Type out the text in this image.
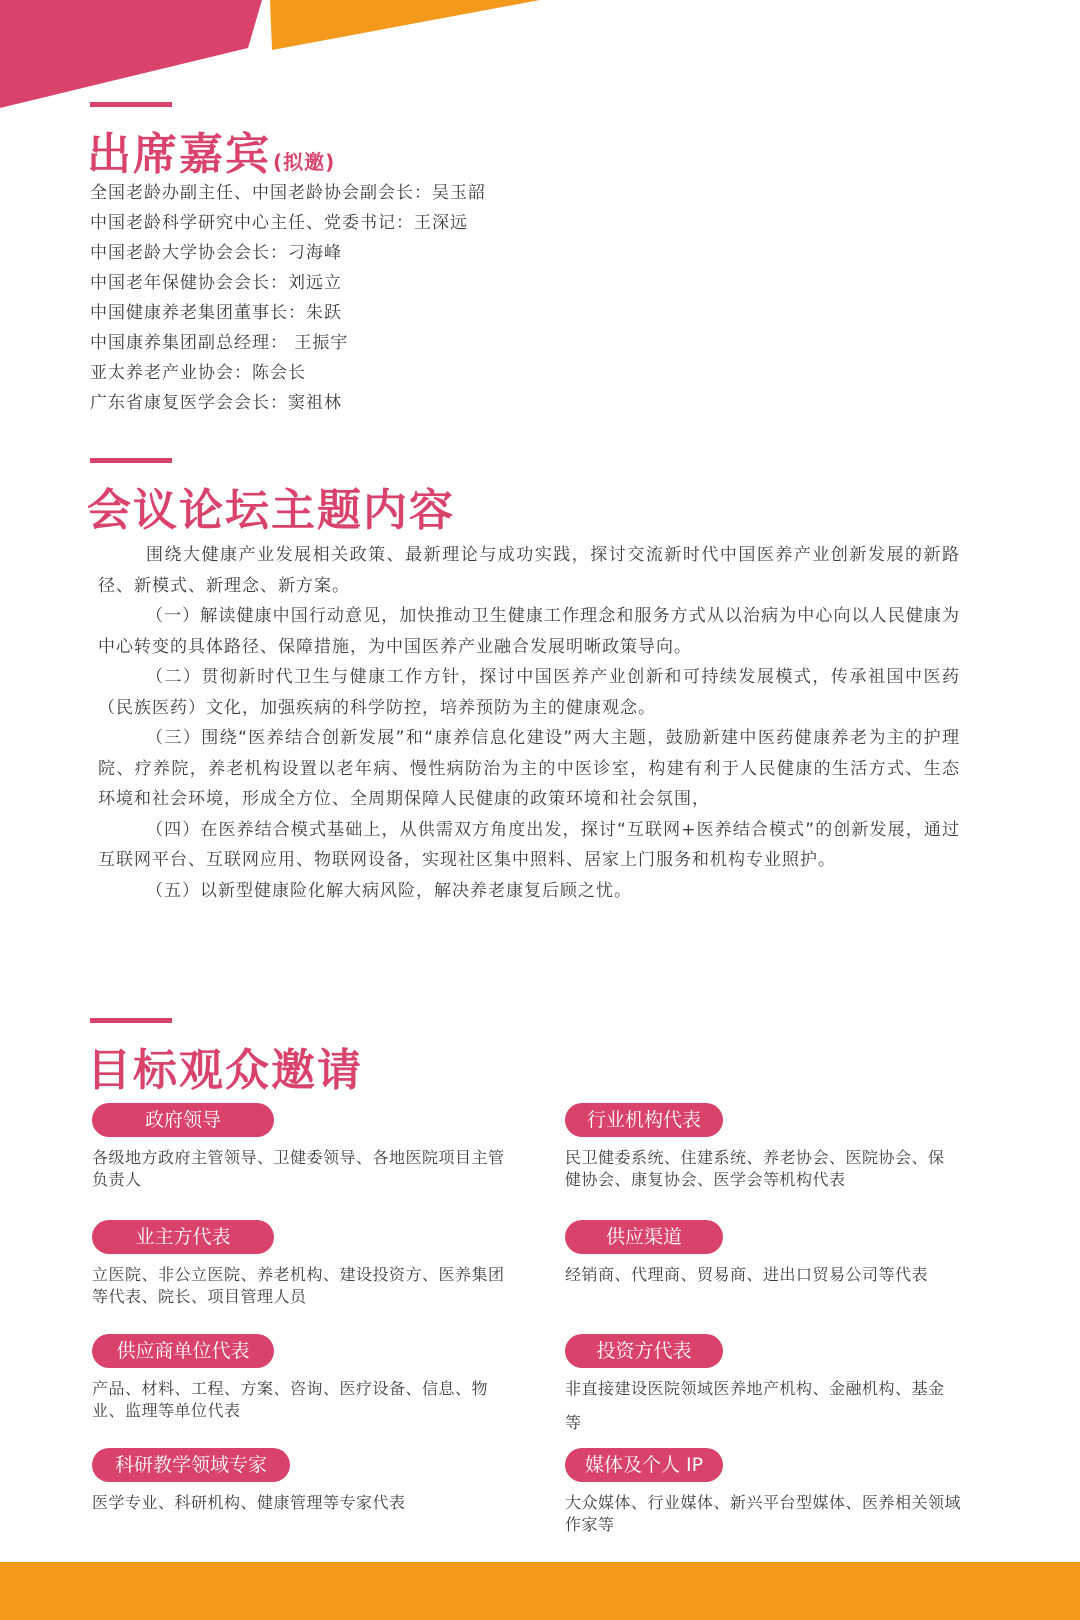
出席嘉宾 (拟邀)
全国老龄办副主任、中国老龄协会副会长：吴玉韶
中国老龄科学研究中心主任、党委书记：王深远
中国老龄大学协会会长：刁海峰
中国老年保健协会会长：刘远立
中国健康养老集团董事长：朱跃
中国康养集团副总经理： 王振宇
亚太养老产业协会：陈会长
广东省康复医学会会长：窦祖林
会议论坛主题内容

围绕大健康产业发展相关政策、最新理论与成功实践，探讨交流新时代中国医养产业创新发展的新路径、新模式、新理念、新方案。

（一）解读健康中国行动意见，加快推动卫生健康工作理念和服务方式从以治病为中心向以人民健康为中心转变的具体路径、保障措施，为中国医养产业融合发展明晰政策导向。

（二）贯彻新时代卫生与健康工作方针，探讨中国医养产业创新和可持续发展模式，传承祖国中医药（民族医药）文化，加强疾病的科学防控，培养预防为主的健康观念。

（三）围绕“医养结合创新发展”和“康养信息化建设”两大主题，鼓励新建中医药健康养老为主的护理院、疗养院，养老机构设置以老年病、慢性病防治为主的中医诊室，构建有利于人民健康的生活方式、生态环境和社会环境，形成全方位、全周期保障人民健康的政策环境和社会氛围，

（四）在医养结合模式基础上，从供需双方角度出发，探讨“互联网+医养结合模式”的创新发展，通过互联网平台、互联网应用、物联网设备，实现社区集中照料、居家上门服务和机构专业照护。

（五）以新型健康险化解大病风险，解决养老康复后顾之忧。

目标观众邀请
政府领导
各级地方政府主管领导、卫健委领导、各地医院项目主管负责人
行业机构代表
民卫健委系统、住建系统、养老协会、医院协会、保健协会、康复协会、医学会等机构代表
业主方代表
立医院、非公立医院、养老机构、建设投资方、医养集团等代表、院长、项目管理人员
供应渠道
经销商、代理商、贸易商、进出口贸易公司等代表
供应商单位代表
产品、材料、工程、方案、咨询、医疗设备、信息、物业、监理等单位代表
投资方代表
非直接建设医院领域医养地产机构、金融机构、基金等
科研教学领域专家
医学专业、科研机构、健康管理等专家代表
媒体及个人 IP
大众媒体、行业媒体、新兴平台型媒体、医养相关领域作家等
